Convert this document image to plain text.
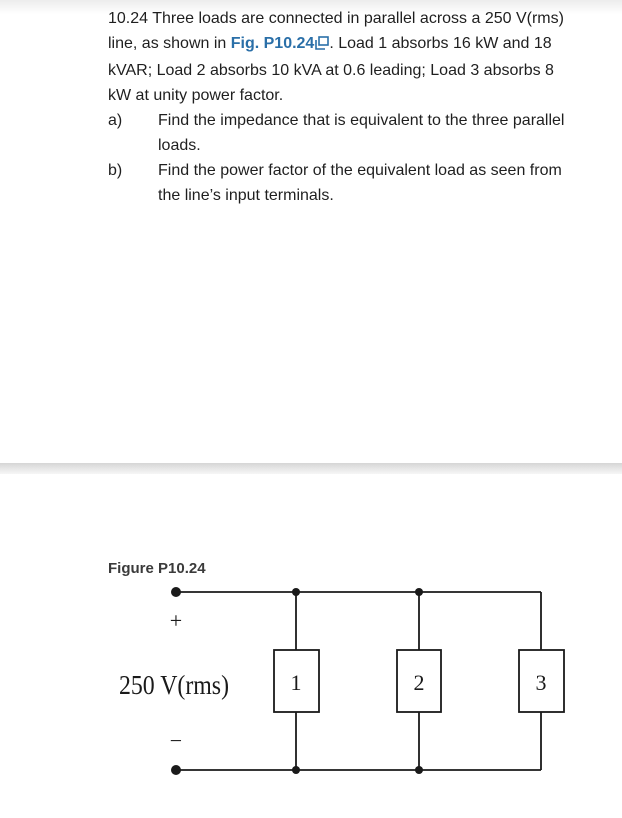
10.24 Three loads are connected in parallel across a 250 V(rms) line, as shown in Fig. P10.24 . Load 1 absorbs 16 kW and 18 kVAR; Load 2 absorbs 10 kVA at 0.6 leading; Load 3 absorbs 8 kW at unity power factor.

a)	Find the impedance that is equivalent to the three parallel loads.
b)	Find the power factor of the equivalent load as seen from the line’s input terminals.

Figure P10.24

+
250 V(rms)
−
1	2	3
